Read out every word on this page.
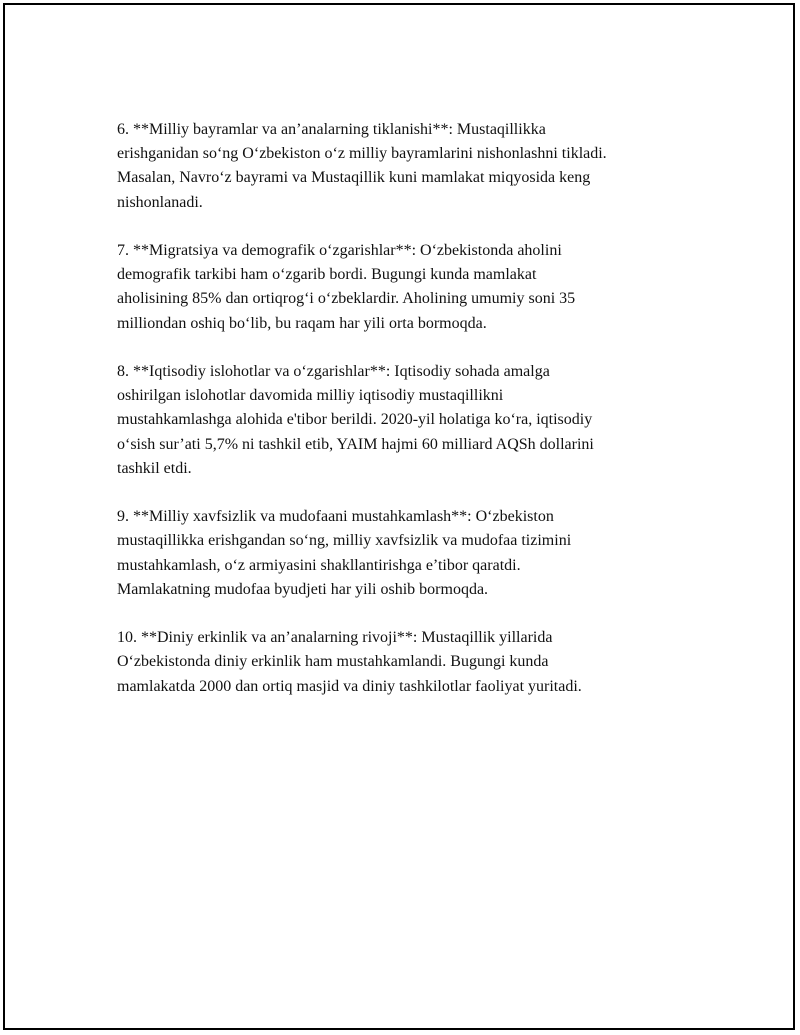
6. **Milliy bayramlar va an’analarning tiklanishi**: Mustaqillikka
erishganidan so‘ng O‘zbekiston o‘z milliy bayramlarini nishonlashni tikladi.
Masalan, Navro‘z bayrami va Mustaqillik kuni mamlakat miqyosida keng
nishonlanadi.
7. **Migratsiya va demografik o‘zgarishlar**: O‘zbekistonda aholini
demografik tarkibi ham o‘zgarib bordi. Bugungi kunda mamlakat
aholisining 85% dan ortiqrog‘i o‘zbeklardir. Aholining umumiy soni 35
milliondan oshiq bo‘lib, bu raqam har yili orta bormoqda.
8. **Iqtisodiy islohotlar va o‘zgarishlar**: Iqtisodiy sohada amalga
oshirilgan islohotlar davomida milliy iqtisodiy mustaqillikni
mustahkamlashga alohida e'tibor berildi. 2020-yil holatiga ko‘ra, iqtisodiy
o‘sish sur’ati 5,7% ni tashkil etib, YAIM hajmi 60 milliard AQSh dollarini
tashkil etdi.
9. **Milliy xavfsizlik va mudofaani mustahkamlash**: O‘zbekiston
mustaqillikka erishgandan so‘ng, milliy xavfsizlik va mudofaa tizimini
mustahkamlash, o‘z armiyasini shakllantirishga e’tibor qaratdi.
Mamlakatning mudofaa byudjeti har yili oshib bormoqda.
10. **Diniy erkinlik va an’analarning rivoji**: Mustaqillik yillarida
O‘zbekistonda diniy erkinlik ham mustahkamlandi. Bugungi kunda
mamlakatda 2000 dan ortiq masjid va diniy tashkilotlar faoliyat yuritadi.
